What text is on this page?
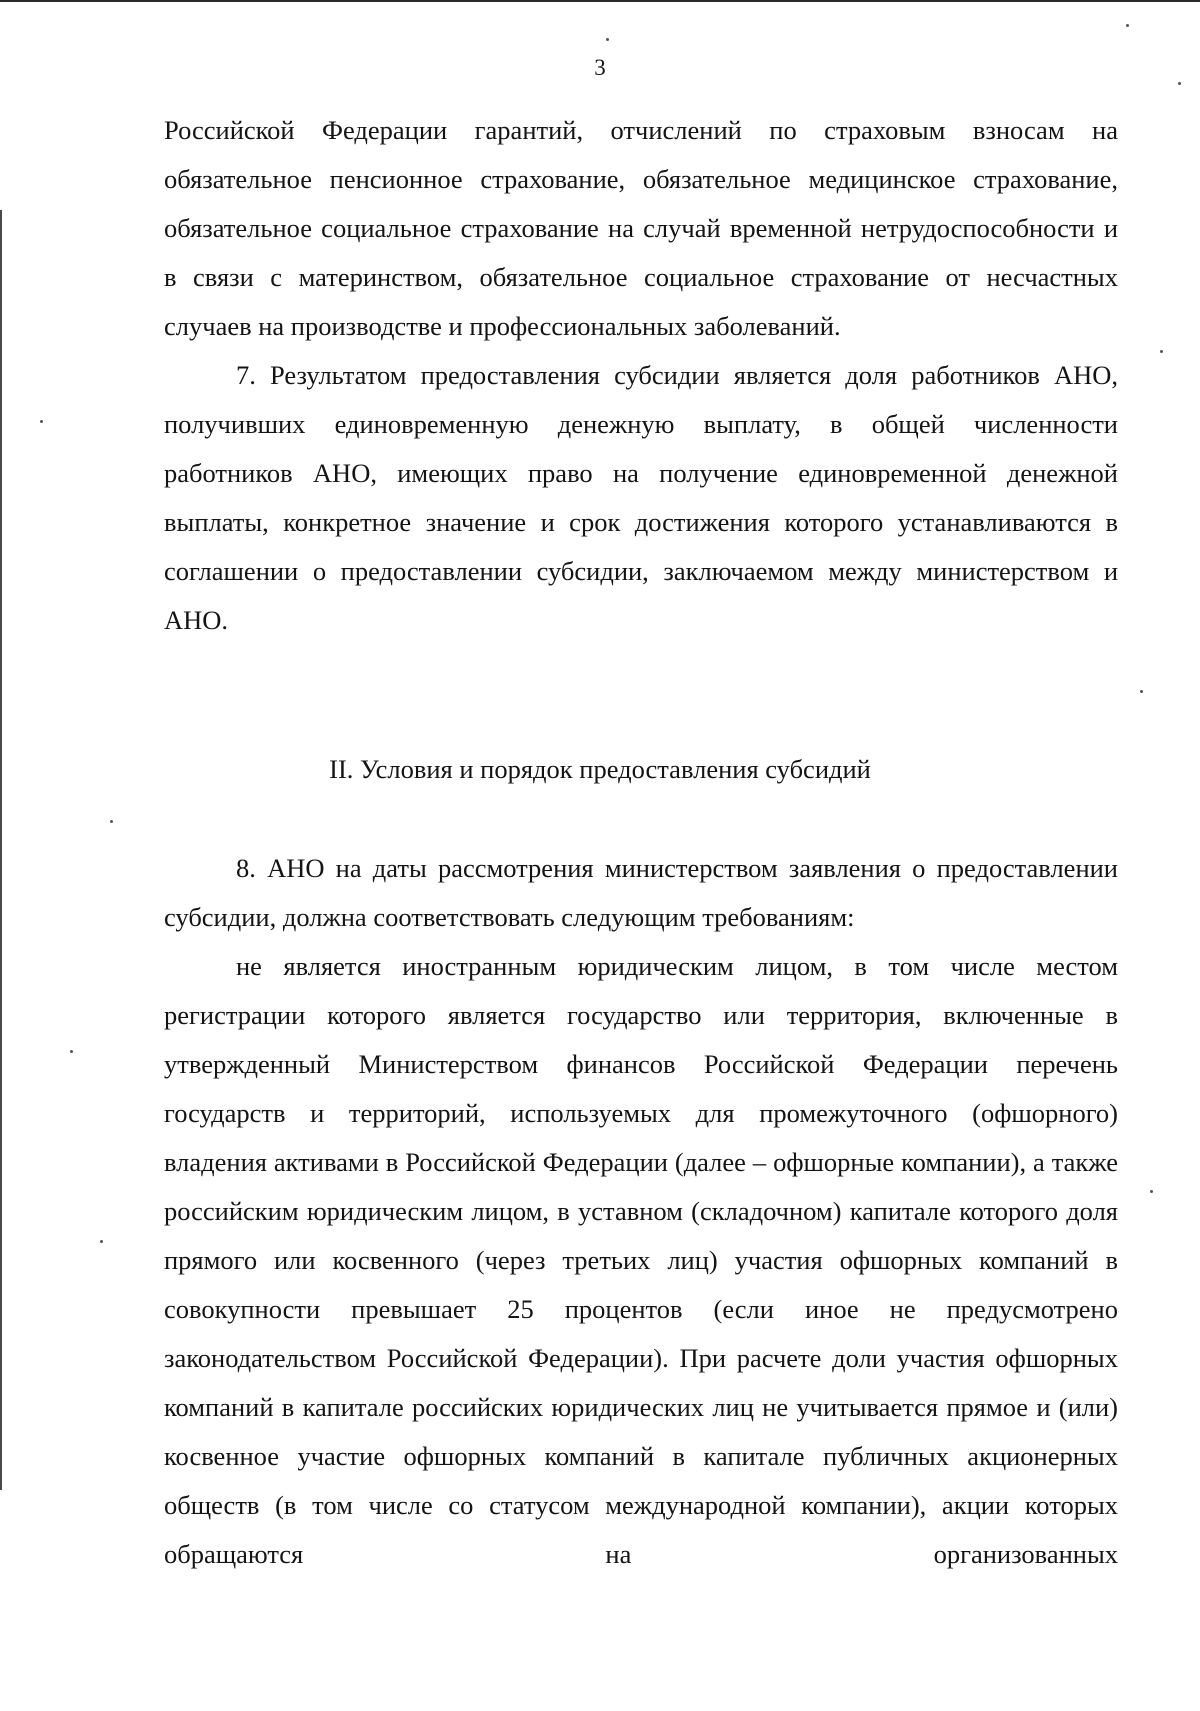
3

Российской Федерации гарантий, отчислений по страховым взносам на обязательное пенсионное страхование, обязательное медицинское страхование, обязательное социальное страхование на случай временной нетрудоспособности и в связи с материнством, обязательное социальное страхование от несчастных случаев на производстве и профессиональных заболеваний.

7. Результатом предоставления субсидии является доля работников АНО, получивших единовременную денежную выплату, в общей численности работников АНО, имеющих право на получение единовременной денежной выплаты, конкретное значение и срок достижения которого устанавливаются в соглашении о предоставлении субсидии, заключаемом между министерством и АНО.

II. Условия и порядок предоставления субсидий

8. АНО на даты рассмотрения министерством заявления о предоставлении субсидии, должна соответствовать следующим требованиям:

не является иностранным юридическим лицом, в том числе местом регистрации которого является государство или территория, включенные в утвержденный Министерством финансов Российской Федерации перечень государств и территорий, используемых для промежуточного (офшорного) владения активами в Российской Федерации (далее – офшорные компании), а также российским юридическим лицом, в уставном (складочном) капитале которого доля прямого или косвенного (через третьих лиц) участия офшорных компаний в совокупности превышает 25 процентов (если иное не предусмотрено законодательством Российской Федерации). При расчете доли участия офшорных компаний в капитале российских юридических лиц не учитывается прямое и (или) косвенное участие офшорных компаний в капитале публичных акционерных обществ (в том числе со статусом международной компании), акции которых обращаются на организованных
